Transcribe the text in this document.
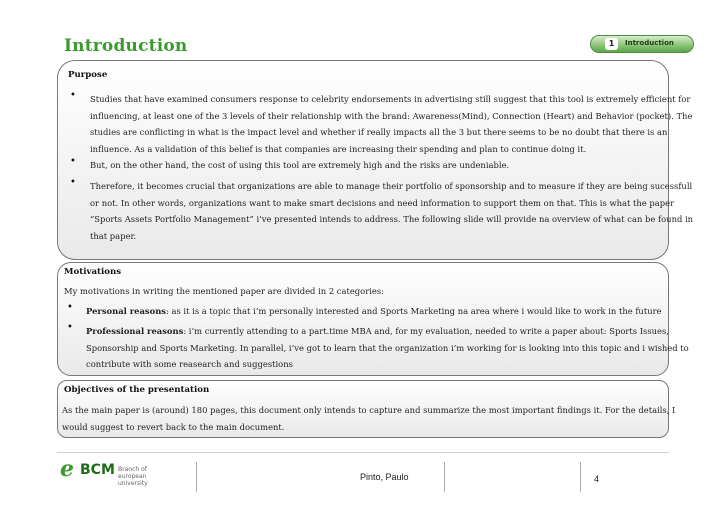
Introduction	1	Introduction
Purpose
• Studies that have examined consumers response to celebrity endorsements in advertising still suggest that this tool is extremely efficient for
influencing, at least one of the 3 levels of their relationship with the brand: Awareness(Mind), Connection (Heart) and Behavior (pocket). The
studies are conflicting in what is the impact level and whether if really impacts all the 3 but there seems to be no doubt that there is an
influence. As a validation of this belief is that companies are increasing their spending and plan to continue doing it.
• But, on the other hand, the cost of using this tool are extremely high and the risks are undeniable.
• Therefore, it becomes crucial that organizations are able to manage their portfolio of sponsorship and to measure if they are being sucessfull
or not. In other words, organizations want to make smart decisions and need information to support them on that. This is what the paper
“Sports Assets Portfolio Management” i’ve presented intends to address. The following slide will provide na overview of what can be found in
that paper.
Motivations
My motivations in writing the mentioned paper are divided in 2 categories:
• Personal reasons: as it is a topic that i’m personally interested and Sports Marketing na area where i would like to work in the future
• Professional reasons: i’m currently attending to a part.time MBA and, for my evaluation, needed to write a paper about: Sports Issues,
Sponsorship and Sports Marketing. In parallel, i’ve got to learn that the organization i’m working for is looking into this topic and i wished to
contribute with some reasearch and suggestions
Objectives of the presentation
As the main paper is (around) 180 pages, this document only intends to capture and summarize the most important findings it. For the details, I
would suggest to revert back to the main document.
e BCM Branch of
european university
Pinto, Paulo	4
